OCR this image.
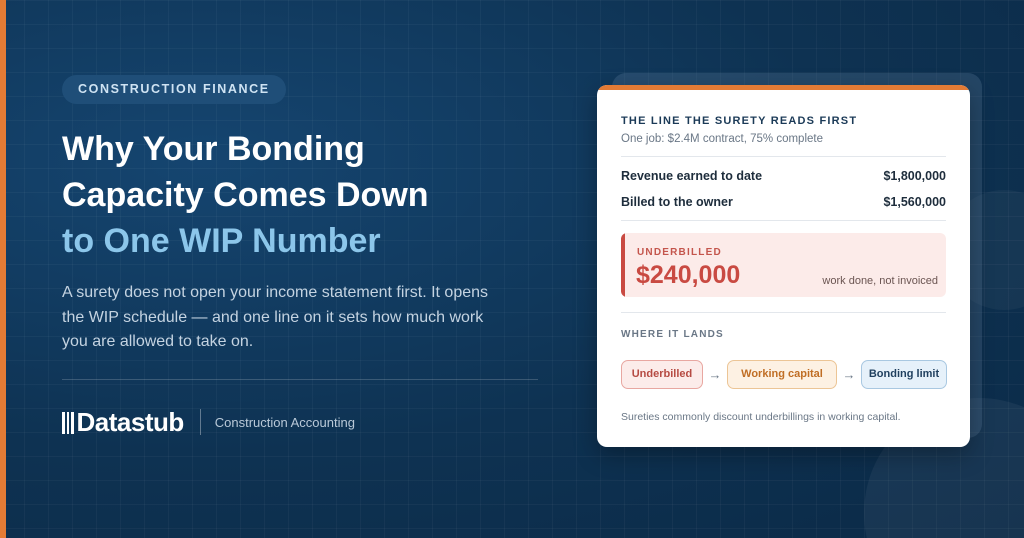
CONSTRUCTION FINANCE
Why Your Bonding
Capacity Comes Down
to One WIP Number

A surety does not open your income statement first. It opens the WIP schedule — and one line on it sets how much work you are allowed to take on.

Datastub Construction Accounting
THE LINE THE SURETY READS FIRST
One job: $2.4M contract, 75% complete
Revenue earned to date	$1,800,000
Billed to the owner	$1,560,000
UNDERBILLED
$240,000	work done, not invoiced
WHERE IT LANDS
Underbilled	→	Working capital	→	Bonding limit
Sureties commonly discount underbillings in working capital.
